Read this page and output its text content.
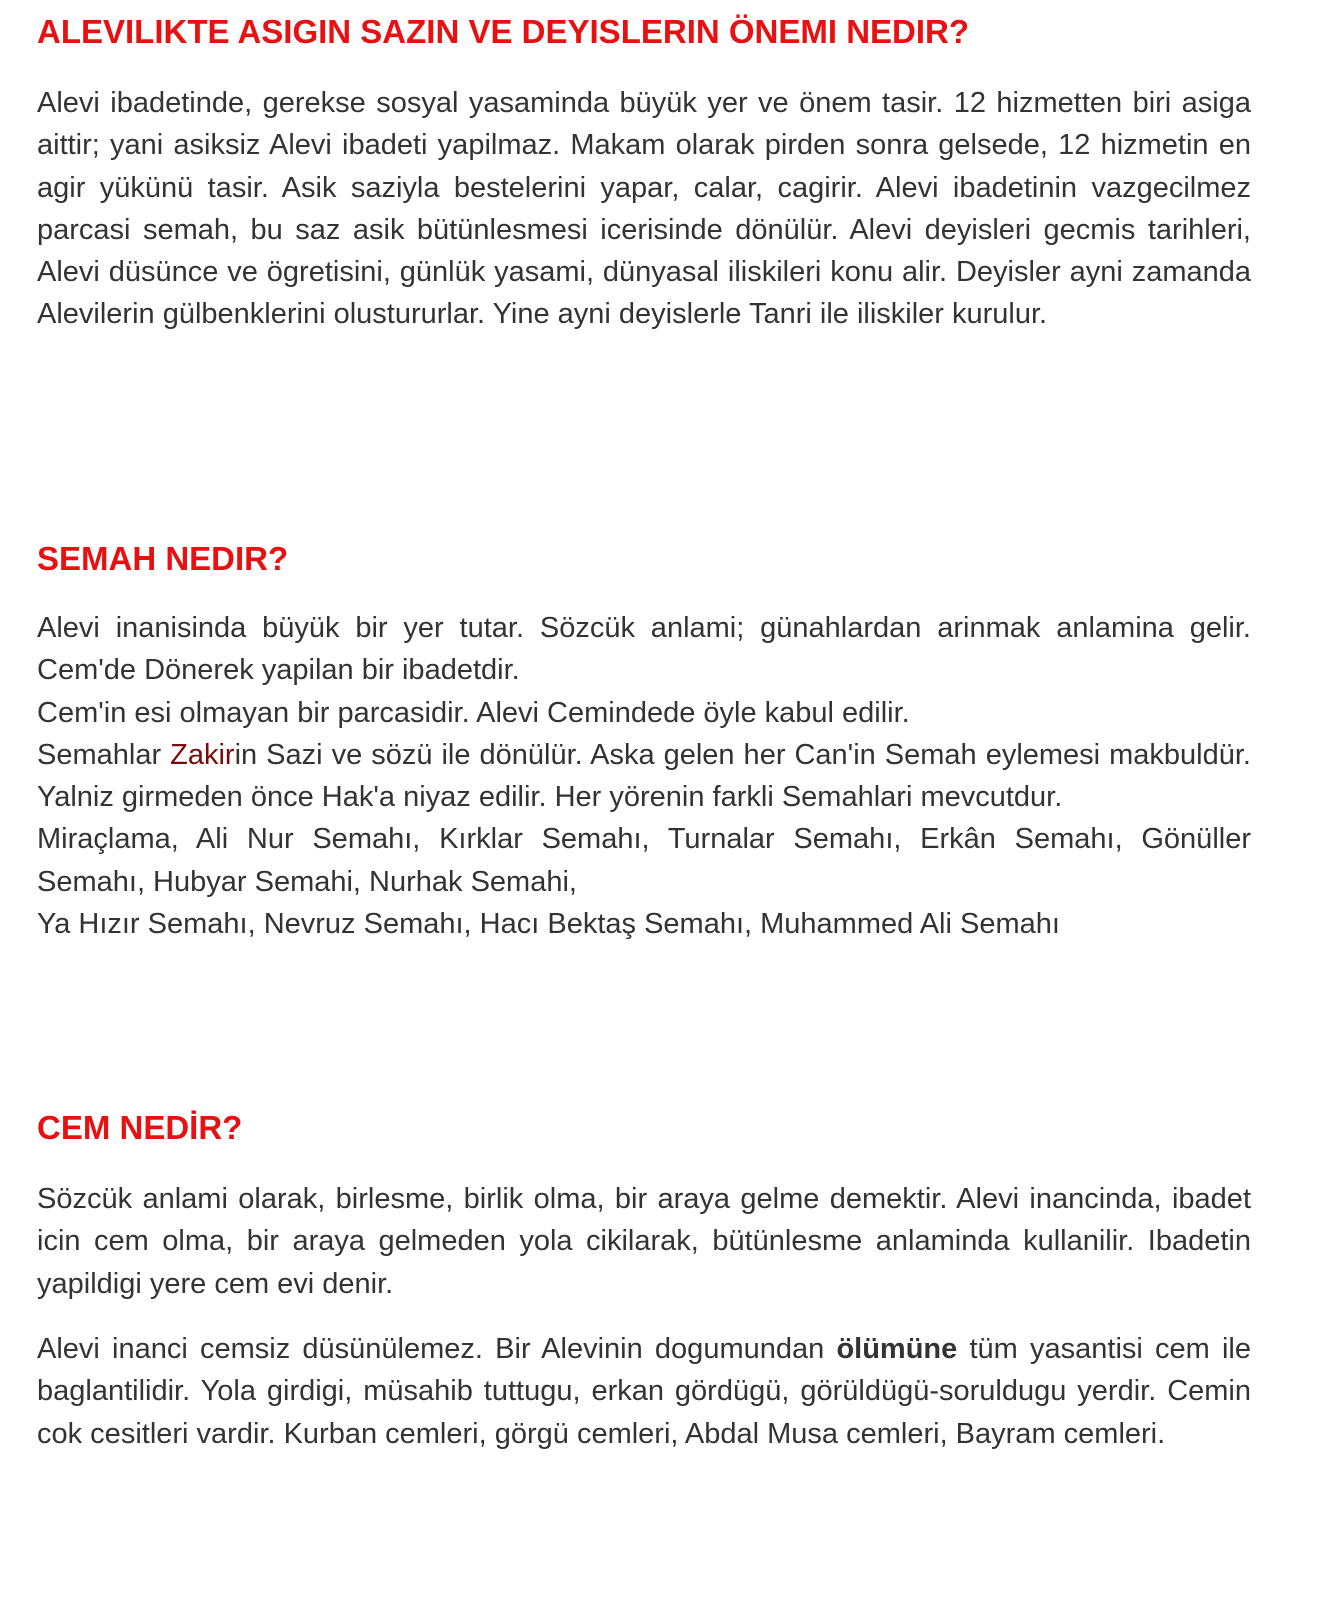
ALEVILIKTE ASIGIN SAZIN VE DEYISLERIN ÖNEMI NEDIR?

Alevi ibadetinde, gerekse sosyal yasaminda büyük yer ve önem tasir. 12 hizmetten biri asiga aittir; yani asiksiz Alevi ibadeti yapilmaz. Makam olarak pirden sonra gelsede, 12 hizmetin en agir yükünü tasir. Asik saziyla bestelerini yapar, calar, cagirir. Alevi ibadetinin vazgecilmez parcasi semah, bu saz asik bütünlesmesi icerisinde dönülür. Alevi deyisleri gecmis tarihleri, Alevi düsünce ve ögretisini, günlük yasami, dünyasal iliskileri konu alir. Deyisler ayni zamanda Alevilerin gülbenklerini olustururlar. Yine ayni deyislerle Tanri ile iliskiler kurulur.

SEMAH NEDIR?

Alevi inanisinda büyük bir yer tutar. Sözcük anlami; günahlardan arinmak anlamina gelir. Cem'de Dönerek yapilan bir ibadetdir.

Cem'in esi olmayan bir parcasidir. Alevi Cemindede öyle kabul edilir.

Semahlar Zakirin Sazi ve sözü ile dönülür. Aska gelen her Can'in Semah eylemesi makbuldür. Yalniz girmeden önce Hak'a niyaz edilir. Her yörenin farkli Semahlari mevcutdur.

Miraçlama, Ali Nur Semahı, Kırklar Semahı, Turnalar Semahı, Erkân Semahı, Gönüller Semahı, Hubyar Semahi, Nurhak Semahi,

Ya Hızır Semahı, Nevruz Semahı, Hacı Bektaş Semahı, Muhammed Ali Semahı

CEM NEDİR?

Sözcük anlami olarak, birlesme, birlik olma, bir araya gelme demektir. Alevi inancinda, ibadet icin cem olma, bir araya gelmeden yola cikilarak, bütünlesme anlaminda kullanilir. Ibadetin yapildigi yere cem evi denir.

Alevi inanci cemsiz düsünülemez. Bir Alevinin dogumundan ölümüne tüm yasantisi cem ile baglantilidir. Yola girdigi, müsahib tuttugu, erkan gördügü, görüldügü-soruldugu yerdir. Cemin cok cesitleri vardir. Kurban cemleri, görgü cemleri, Abdal Musa cemleri, Bayram cemleri.
